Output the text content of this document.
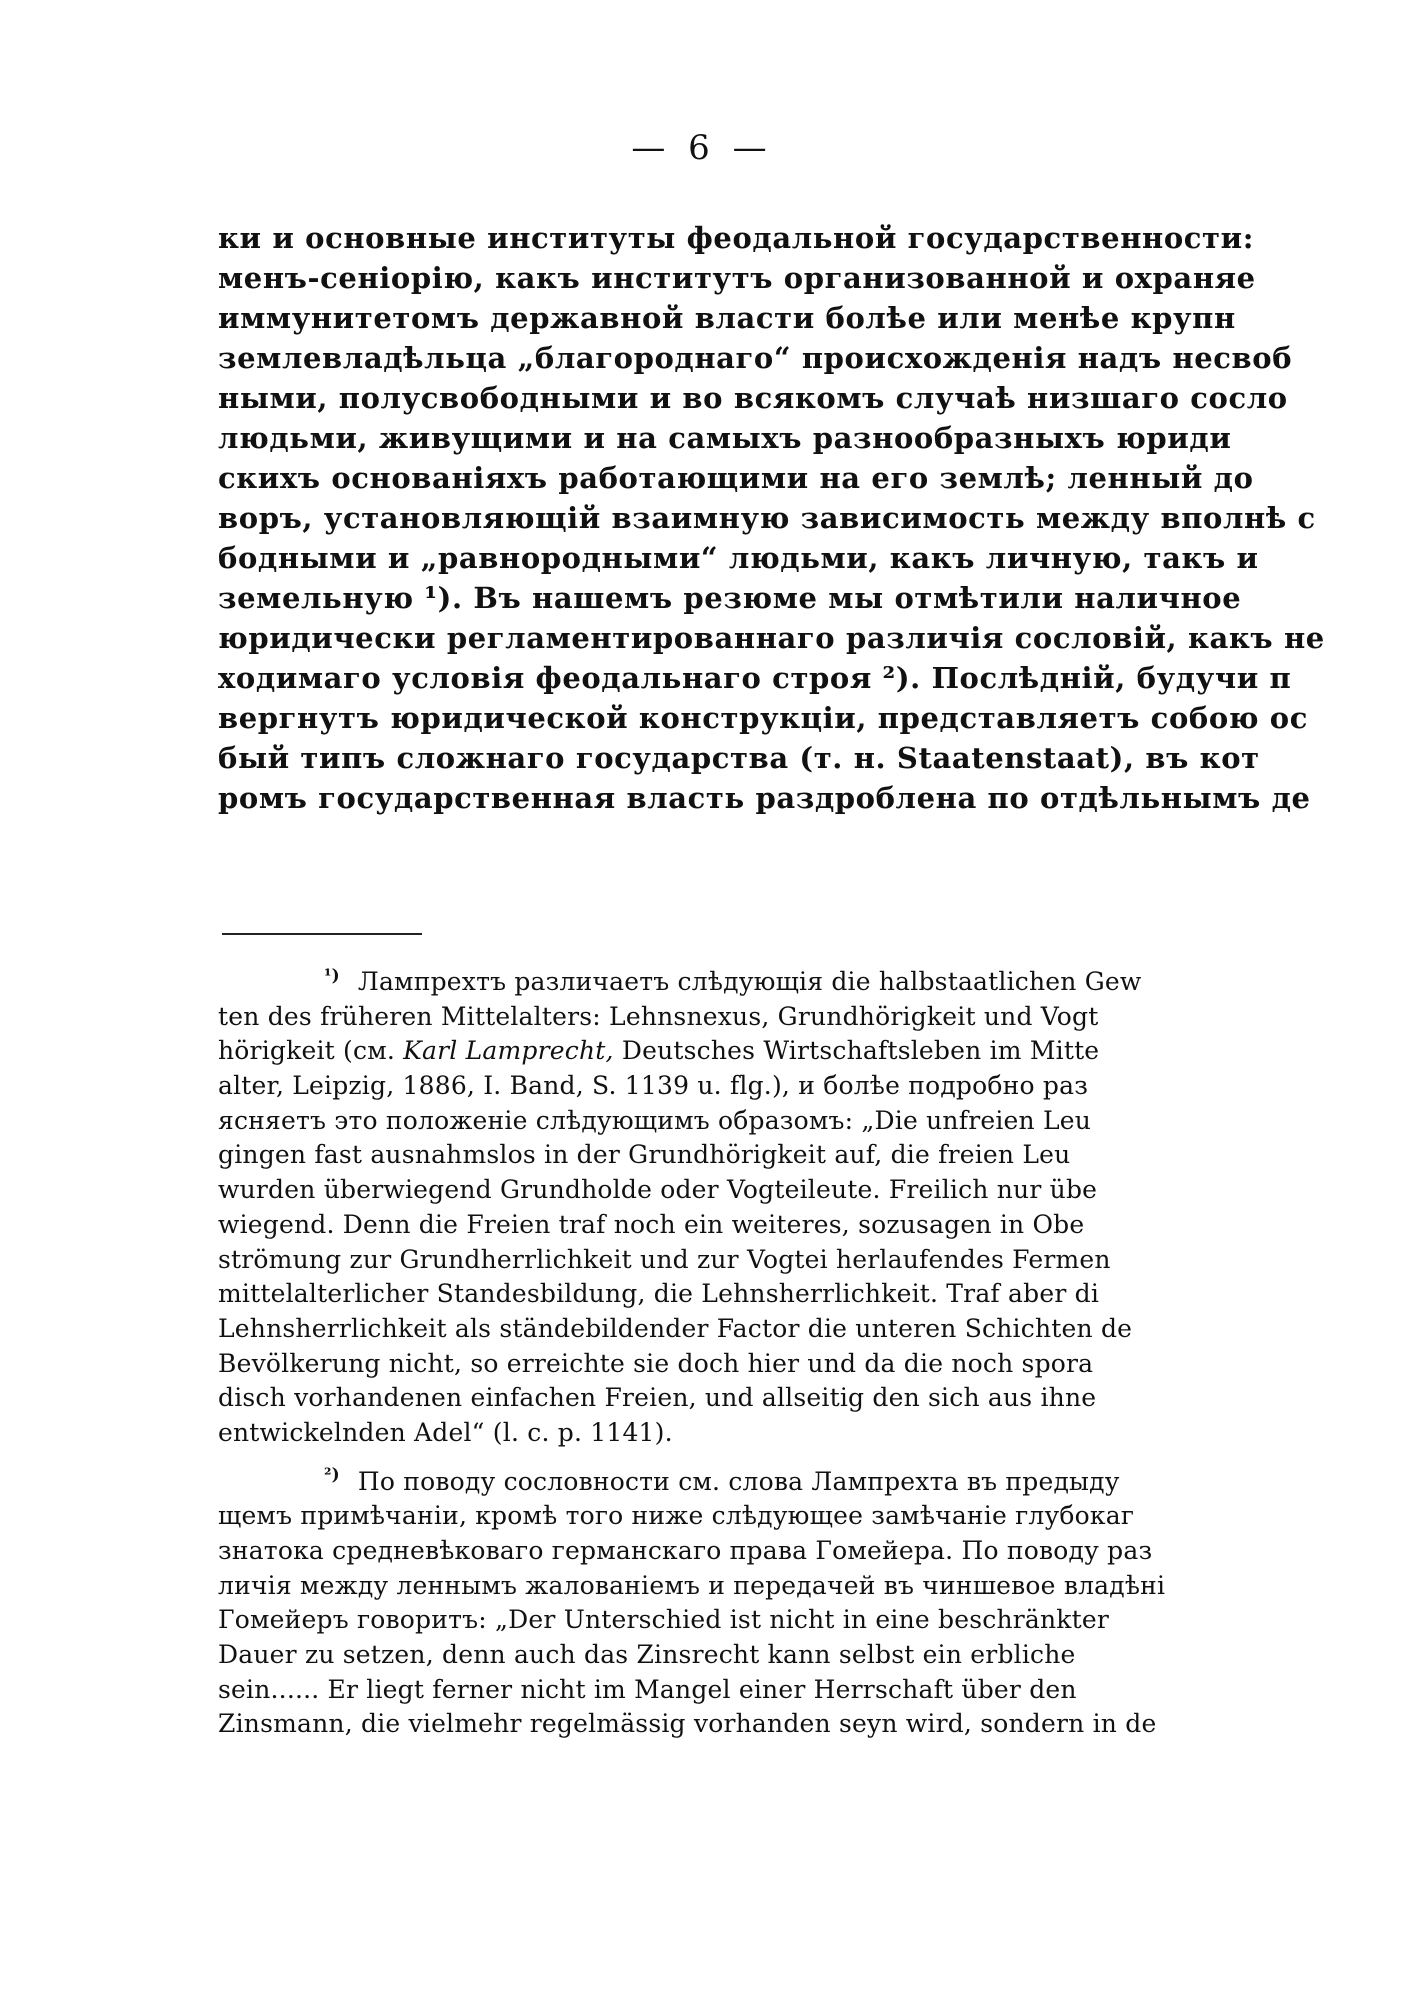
— 6 —
ки и основные институты феодальной государственности:
менъ-сеніорію, какъ институтъ организованной и охраняе
иммунитетомъ державной власти болѣе или менѣе крупн
землевладѣльца „благороднаго“ происхожденія надъ несвоб
ными, полусвободными и во всякомъ случаѣ низшаго сосло
людьми, живущими и на самыхъ разнообразныхъ юриди
скихъ основаніяхъ работающими на его землѣ; ленный до
воръ, установляющій взаимную зависимость между вполнѣ с
бодными и „равнородными“ людьми, какъ личную, такъ и
земельную ¹). Въ нашемъ резюме мы отмѣтили наличное
юридически регламентированнаго различія сословій, какъ не
ходимаго условія феодальнаго строя ²). Послѣдній, будучи п
вергнутъ юридической конструкціи, представляетъ собою ос
бый типъ сложнаго государства (т. н. Staatenstaat), въ кот
ромъ государственная власть раздроблена по отдѣльнымъ де
$^{^1)}$ Лампрехтъ различаетъ слѣдующія die halbstaatlichen Gew
ten des früheren Mittelalters: Lehnsnexus, Grundhörigkeit und Vogt
hörigkeit (см. Karl Lamprecht, Deutsches Wirtschaftsleben im Mitte
alter, Leipzig, 1886, I. Band, S. 1139 u. flg.), и болѣе подробно раз
ясняетъ это положеніе слѣдующимъ образомъ: „Die unfreien Leu
gingen fast ausnahmslos in der Grundhörigkeit auf, die freien Leu
wurden überwiegend Grundholde oder Vogteileute. Freilich nur übe
wiegend. Denn die Freien traf noch ein weiteres, sozusagen in Obe
strömung zur Grundherrlichkeit und zur Vogtei herlaufendes Fermen
mittelalterlicher Standesbildung, die Lehnsherrlichkeit. Traf aber di
Lehnsherrlichkeit als ständebildender Factor die unteren Schichten de
Bevölkerung nicht, so erreichte sie doch hier und da die noch spora
disch vorhandenen einfachen Freien, und allseitig den sich aus ihne
entwickelnden Adel“ (l. c. p. 1141).
$^{^2)}$ По поводу сословности см. слова Лампрехта въ предыду
щемъ примѣчаніи, кромѣ того ниже слѣдующее замѣчаніе глубокаг
знатока средневѣковаго германскаго права Гомейера. По поводу раз
личія между леннымъ жалованіемъ и передачей въ чиншевое владѣні
Гомейеръ говоритъ: „Der Unterschied ist nicht in eine beschränkter
Dauer zu setzen, denn auch das Zinsrecht kann selbst ein erbliche
sein...... Er liegt ferner nicht im Mangel einer Herrschaft über den
Zinsmann, die vielmehr regelmässig vorhanden seyn wird, sondern in de
